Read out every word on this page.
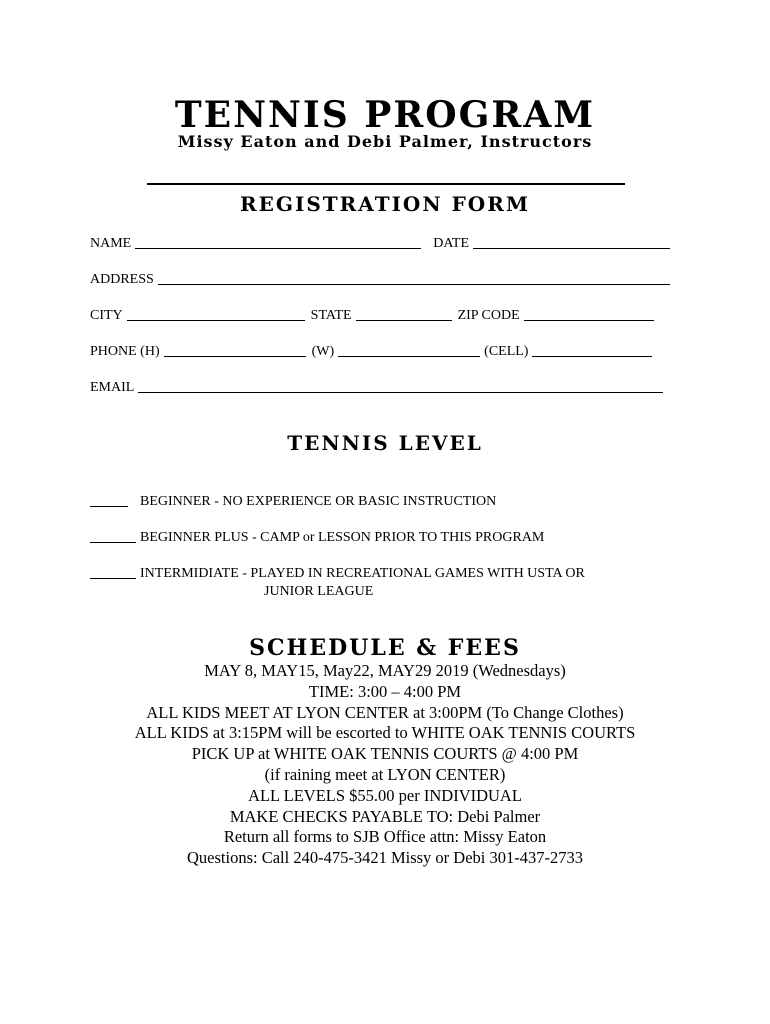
TENNIS PROGRAM
Missy Eaton and Debi Palmer, Instructors
REGISTRATION FORM
NAME	DATE
ADDRESS
CITY	STATE	ZIP CODE
PHONE (H)	(W)	(CELL)
EMAIL
TENNIS LEVEL
BEGINNER - NO EXPERIENCE OR BASIC INSTRUCTION
BEGINNER PLUS - CAMP or LESSON PRIOR TO THIS PROGRAM
INTERMIDIATE - PLAYED IN RECREATIONAL GAMES WITH USTA OR
JUNIOR LEAGUE
SCHEDULE & FEES
MAY 8, MAY15, May22, MAY29 2019 (Wednesdays)
TIME: 3:00 – 4:00 PM
ALL KIDS MEET AT LYON CENTER at 3:00PM (To Change Clothes)
ALL KIDS at 3:15PM will be escorted to WHITE OAK TENNIS COURTS
PICK UP at WHITE OAK TENNIS COURTS @ 4:00 PM
(if raining meet at LYON CENTER)
ALL LEVELS $55.00 per INDIVIDUAL
MAKE CHECKS PAYABLE TO: Debi Palmer
Return all forms to SJB Office attn: Missy Eaton
Questions: Call 240-475-3421 Missy or Debi 301-437-2733
